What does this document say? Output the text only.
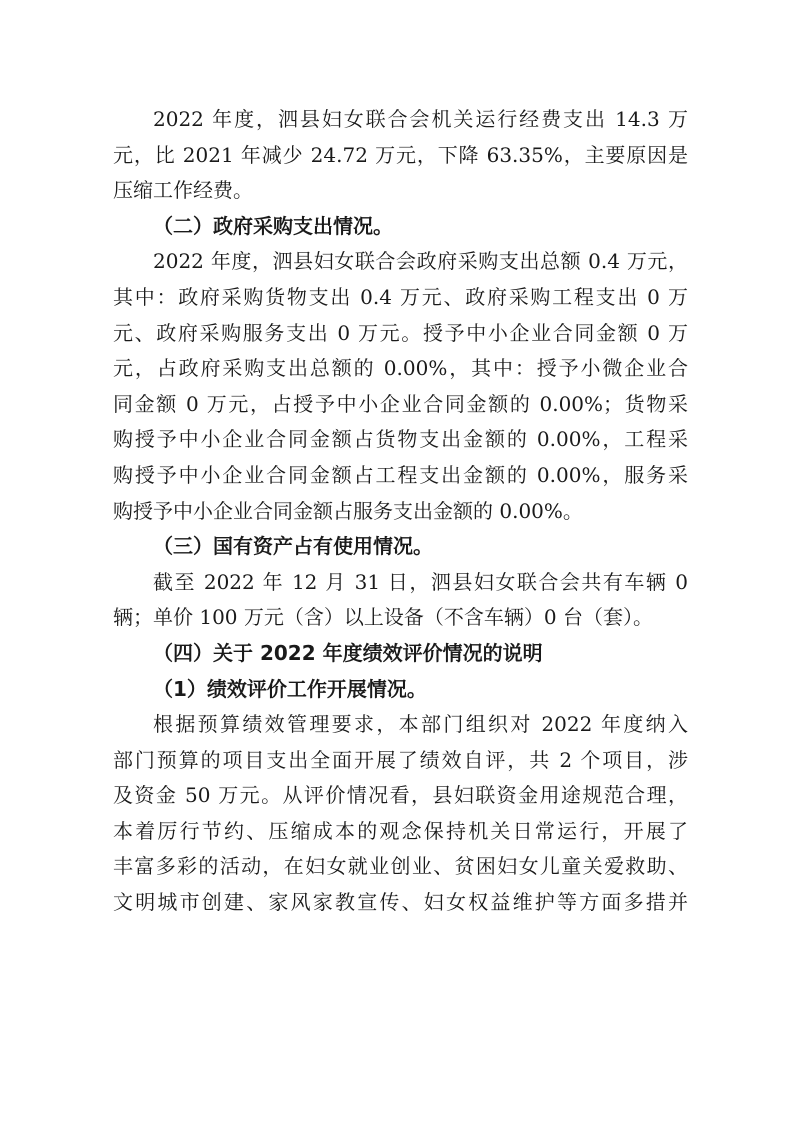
2022 年度，泗县妇女联合会机关运行经费支出 14.3 万
元，比 2021 年减少 24.72 万元，下降 63.35%，主要原因是
压缩工作经费。

（二）政府采购支出情况。

2022 年度，泗县妇女联合会政府采购支出总额 0.4 万元，
其中：政府采购货物支出 0.4 万元、政府采购工程支出 0 万
元、政府采购服务支出 0 万元。授予中小企业合同金额 0 万
元，占政府采购支出总额的 0.00%，其中：授予小微企业合
同金额 0 万元，占授予中小企业合同金额的 0.00%；货物采
购授予中小企业合同金额占货物支出金额的 0.00%，工程采
购授予中小企业合同金额占工程支出金额的 0.00%，服务采
购授予中小企业合同金额占服务支出金额的 0.00%。

（三）国有资产占有使用情况。

截至 2022 年 12 月 31 日，泗县妇女联合会共有车辆 0
辆；单价 100 万元（含）以上设备（不含车辆）0 台（套）。

（四）关于 2022 年度绩效评价情况的说明

（1）绩效评价工作开展情况。

根据预算绩效管理要求，本部门组织对 2022 年度纳入
部门预算的项目支出全面开展了绩效自评，共 2 个项目，涉
及资金 50 万元。从评价情况看，县妇联资金用途规范合理，
本着厉行节约、压缩成本的观念保持机关日常运行，开展了
丰富多彩的活动，在妇女就业创业、贫困妇女儿童关爱救助、
文明城市创建、家风家教宣传、妇女权益维护等方面多措并
